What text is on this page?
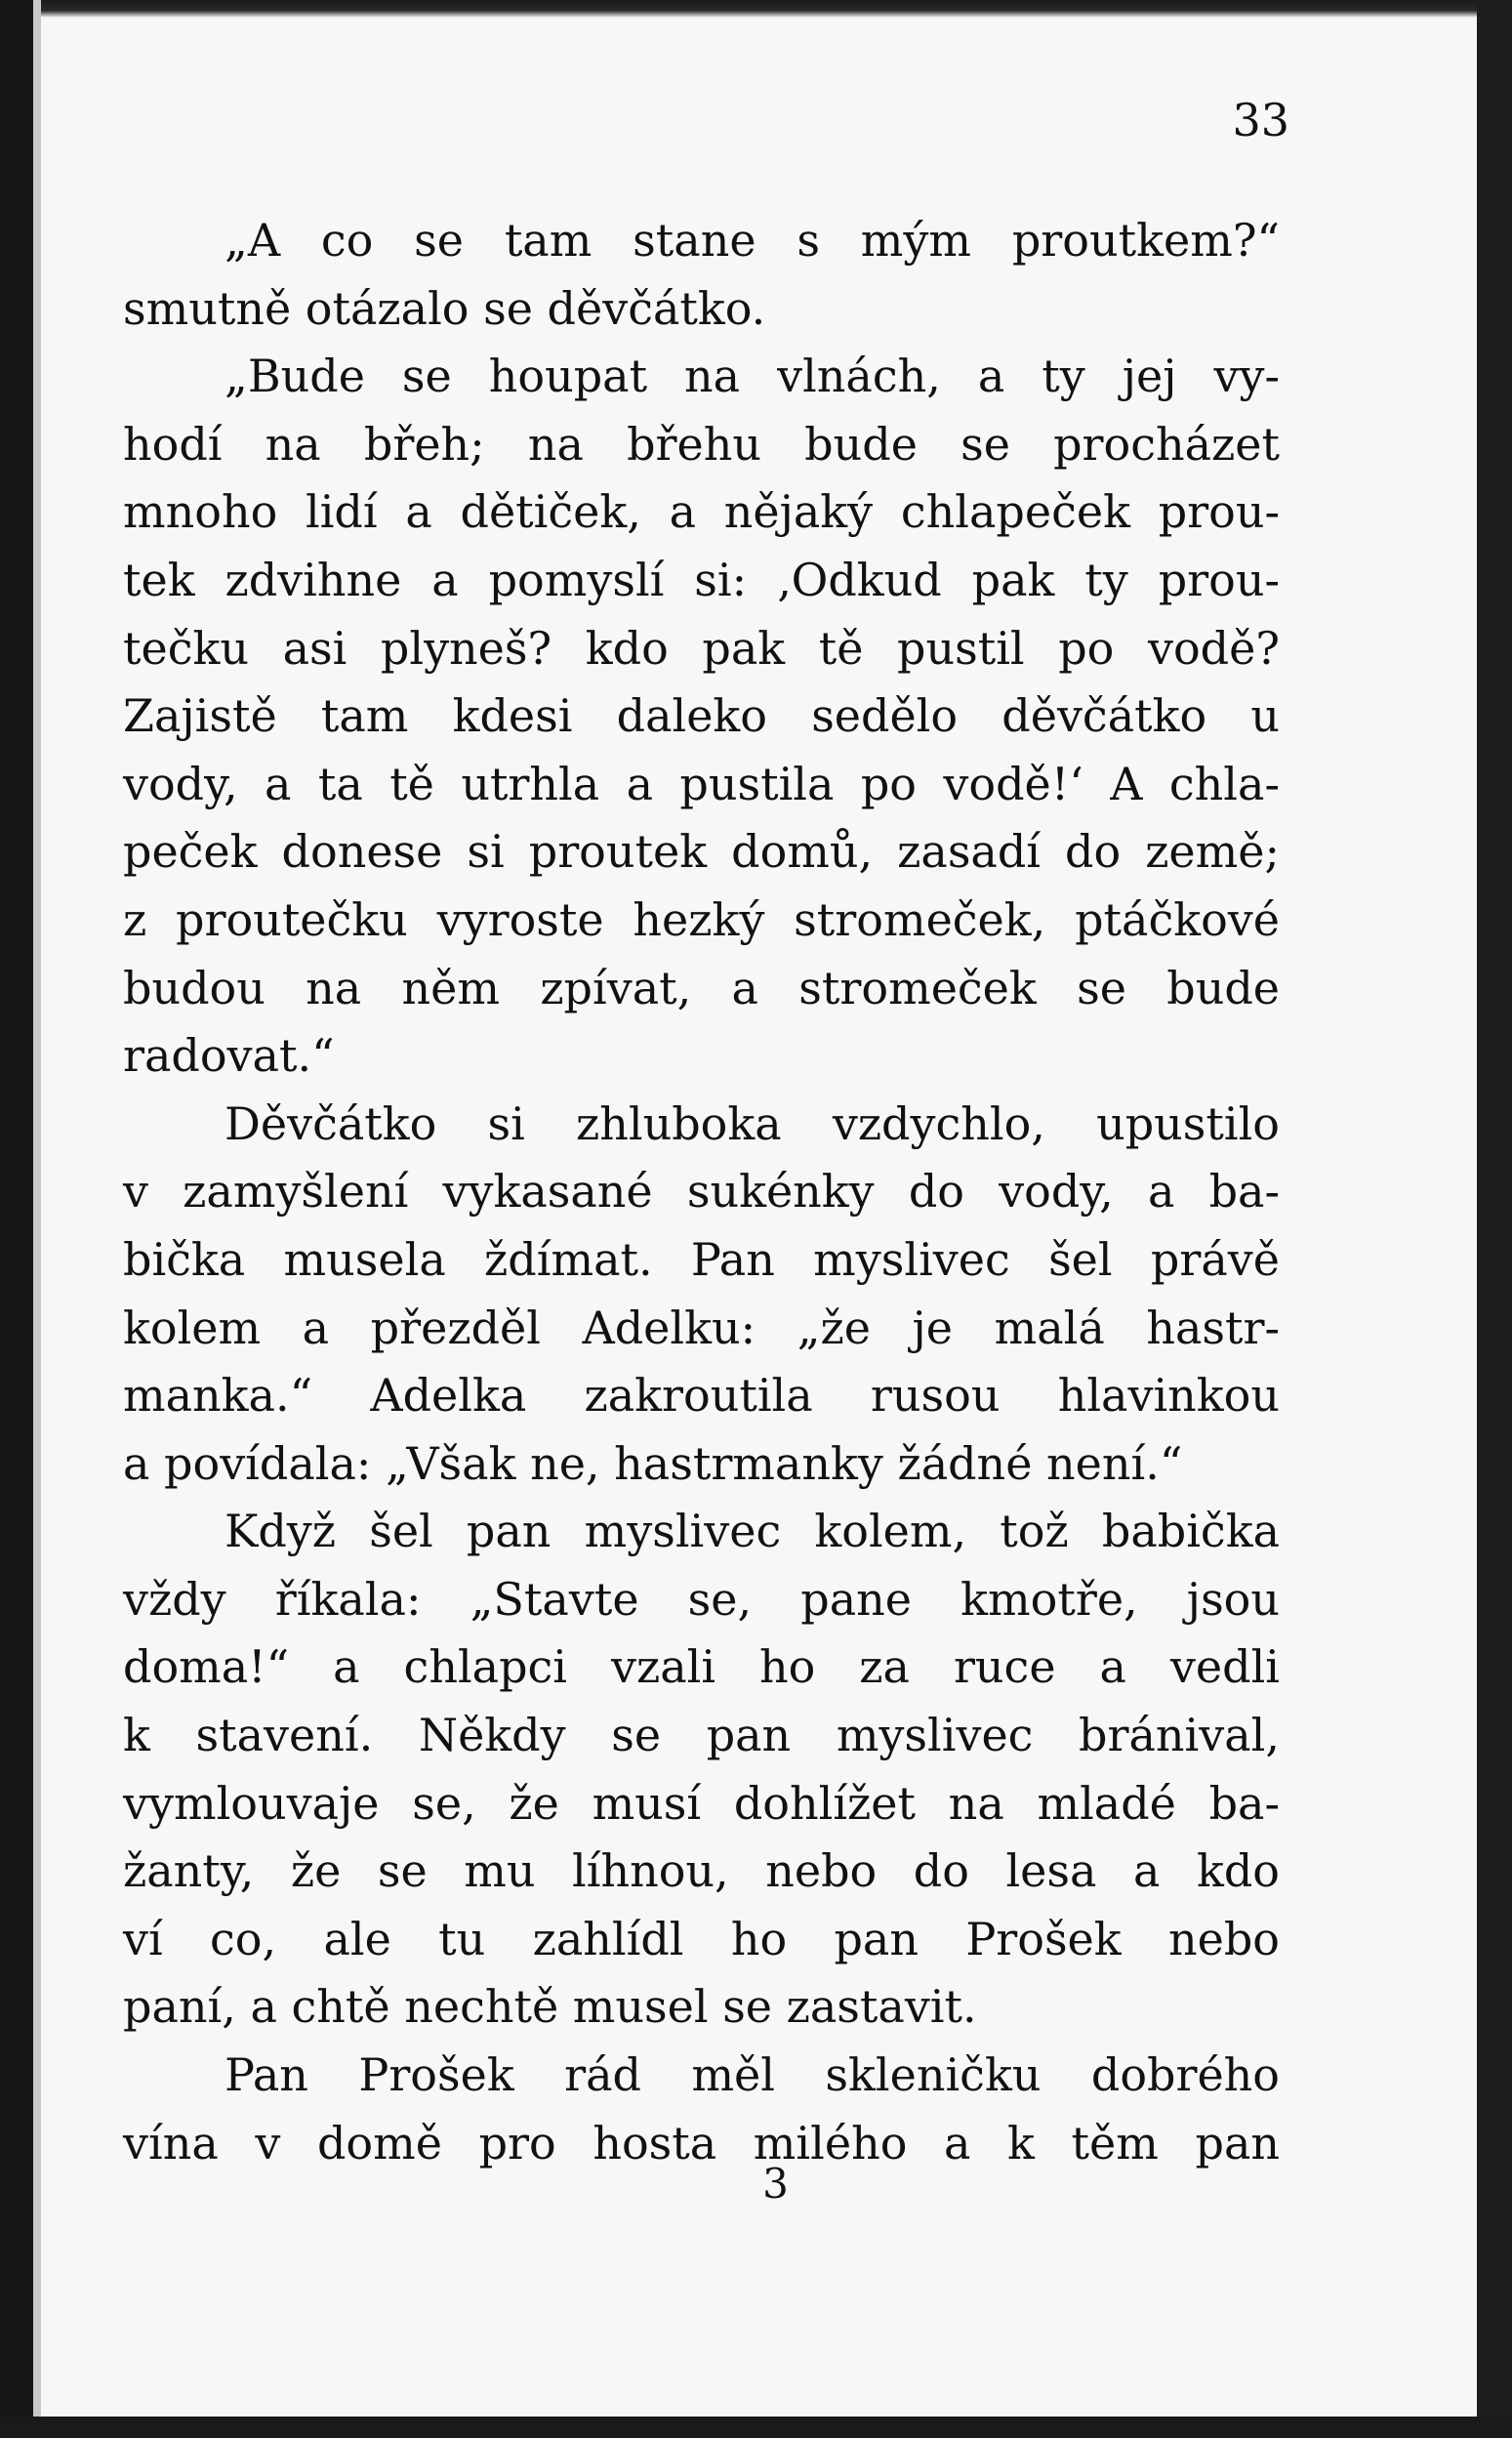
33
„A co se tam stane s mým proutkem?“
smutně otázalo se děvčátko.
„Bude se houpat na vlnách, a ty jej vy-
hodí na břeh; na břehu bude se procházet
mnoho lidí a dětiček, a nějaký chlapeček prou-
tek zdvihne a pomyslí si: ‚Odkud pak ty prou-
tečku asi plyneš? kdo pak tě pustil po vodě?
Zajistě tam kdesi daleko sedělo děvčátko u
vody, a ta tě utrhla a pustila po vodě!‘ A chla-
peček donese si proutek domů, zasadí do země;
z proutečku vyroste hezký stromeček, ptáčkové
budou na něm zpívat, a stromeček se bude
radovat.“
Děvčátko si zhluboka vzdychlo, upustilo
v zamyšlení vykasané sukénky do vody, a ba-
bička musela ždímat. Pan myslivec šel právě
kolem a přezděl Adelku: „že je malá hastr-
manka.“ Adelka zakroutila rusou hlavinkou
a povídala: „Však ne, hastrmanky žádné není.“
Když šel pan myslivec kolem, tož babička
vždy říkala: „Stavte se, pane kmotře, jsou
doma!“ a chlapci vzali ho za ruce a vedli
k stavení. Někdy se pan myslivec bránival,
vymlouvaje se, že musí dohlížet na mladé ba-
žanty, že se mu líhnou, nebo do lesa a kdo
ví co, ale tu zahlídl ho pan Prošek nebo
paní, a chtě nechtě musel se zastavit.
Pan Prošek rád měl skleničku dobrého
vína v domě pro hosta milého a k těm pan
3
